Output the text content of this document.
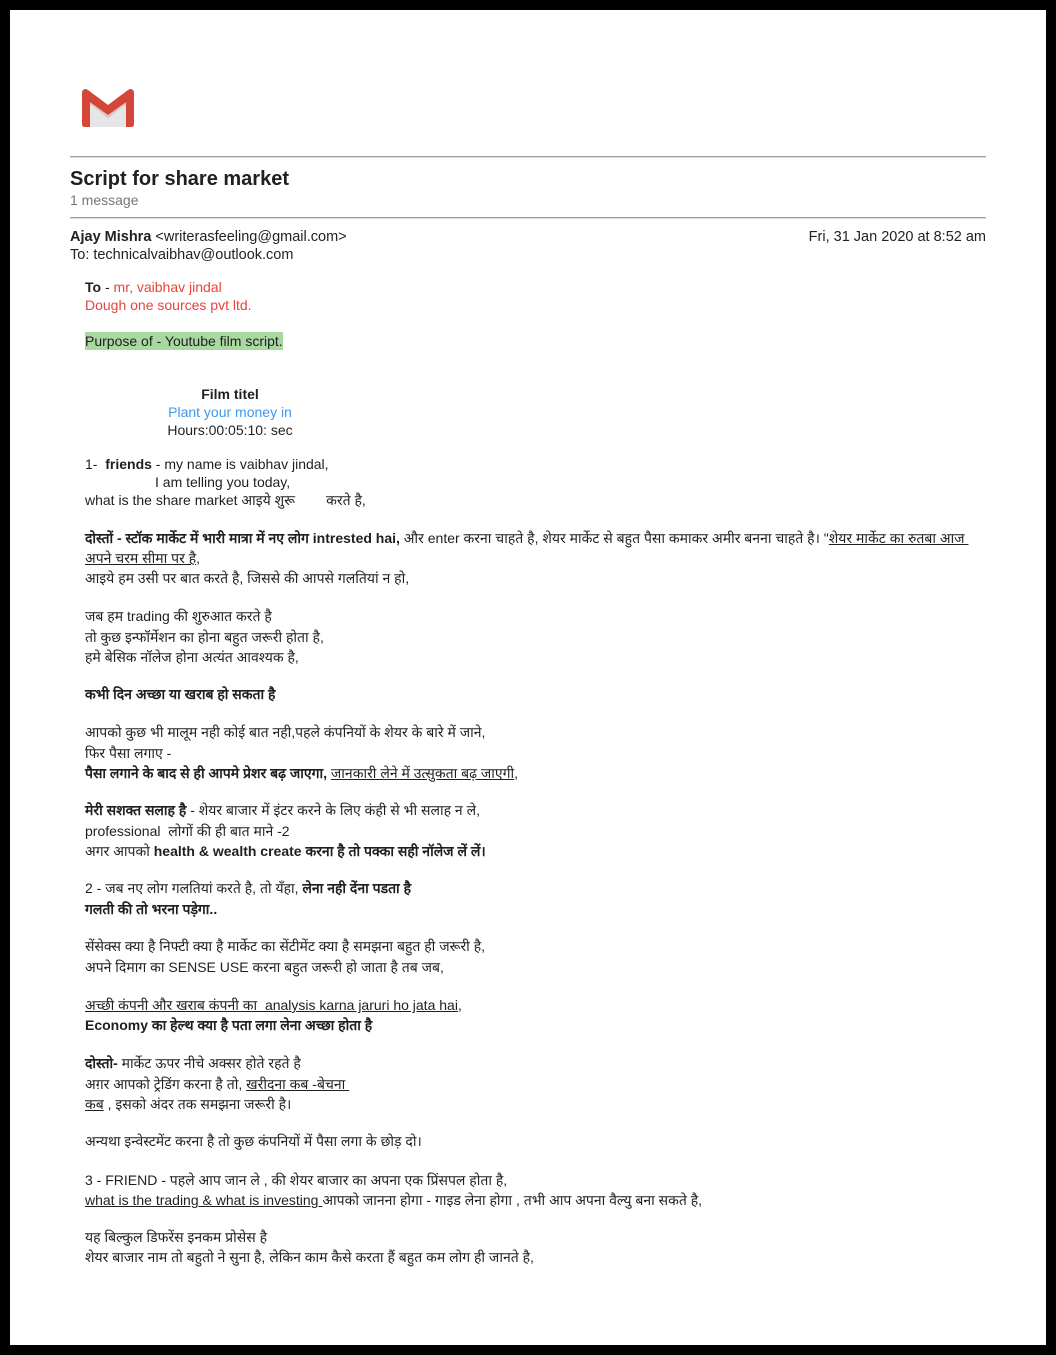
Script for share market
1 message
Ajay Mishra <writerasfeeling@gmail.com>	Fri, 31 Jan 2020 at 8:52 am
To: technicalvaibhav@outlook.com
To - mr, vaibhav jindal
Dough one sources pvt ltd.
Purpose of - Youtube film script.
Film titel
Plant your money in
Hours:00:05:10: sec
1-  friends - my name is vaibhav jindal,
I am telling you today,
what is the share market आइये शुरू        करते है,
दोस्तों - स्टॉक मार्केट में भारी मात्रा में नए लोग intrested hai, और enter करना चाहते है, शेयर मार्केट से बहुत पैसा कमाकर अमीर बनना चाहते है। "शेयर मार्केट का रुतबा आज अपने चरम सीमा पर है,
आइये हम उसी पर बात करते है, जिससे की आपसे गलतियां न हो,
जब हम trading की शुरुआत करते है
तो कुछ इन्फॉर्मेशन का होना बहुत जरूरी होता है,
हमे बेसिक नॉलेज होना अत्यंत आवश्यक है,
कभी दिन अच्छा या खराब हो सकता है
आपको कुछ भी मालूम नही कोई बात नही,पहले कंपनियों के शेयर के बारे में जाने,
फिर पैसा लगाए -
पैसा लगाने के बाद से ही आपमे प्रेशर बढ़ जाएगा, जानकारी लेने में उत्सुकता बढ़ जाएगी,
मेरी सशक्त सलाह है - शेयर बाजार में इंटर करने के लिए कंही से भी सलाह न ले,
professional  लोगों की ही बात माने -2
अगर आपको health & wealth create करना है तो पक्का सही नॉलेज लें लें।
2 - जब नए लोग गलतियां करते है, तो यँहा, लेना नही देंना पडता है
गलती की तो भरना पड़ेगा..
सेंसेक्स क्या है निफ्टी क्या है मार्केट का सेंटीमेंट क्या है समझना बहुत ही जरूरी है,
अपने दिमाग का SENSE USE करना बहुत जरूरी हो जाता है तब जब,
अच्छी कंपनी और खराब कंपनी का  analysis karna jaruri ho jata hai,
Economy का हेल्थ क्या है पता लगा लेना अच्छा होता है
दोस्तो- मार्केट ऊपर नीचे अक्सर होते रहते है
अग़र आपको ट्रेडिंग करना है तो, खरीदना कब -बेचना
कब , इसको अंदर तक समझना जरूरी है।
अन्यथा इन्वेस्टमेंट करना है तो कुछ कंपनियों में पैसा लगा के छोड़ दो।
3 - FRIEND - पहले आप जान ले , की शेयर बाजार का अपना एक प्रिंसपल होता है,
what is the trading & what is investing आपको जानना होगा - गाइड लेना होगा , तभी आप अपना वैल्यु बना सकते है,
यह बिल्कुल डिफरेंस इनकम प्रोसेस है
शेयर बाजार नाम तो बहुतो ने सुना है, लेकिन काम कैसे करता हैं बहुत कम लोग ही जानते है,
